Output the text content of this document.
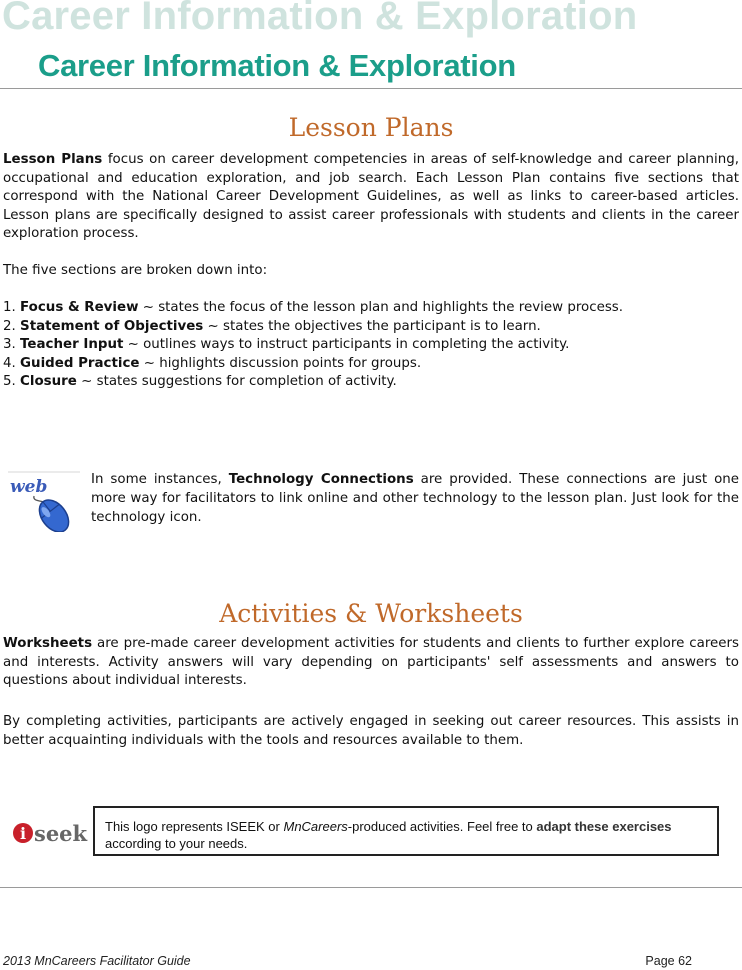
Career Information & Exploration
Career Information & Exploration
Lesson Plans

Lesson Plans focus on career development competencies in areas of self-knowledge and career planning, occupational and education exploration, and job search. Each Lesson Plan contains five sections that correspond with the National Career Development Guidelines, as well as links to career-based articles. Lesson plans are specifically designed to assist career professionals with students and clients in the career exploration process.

The five sections are broken down into:

1. Focus & Review ~ states the focus of the lesson plan and highlights the review process.
2. Statement of Objectives ~ states the objectives the participant is to learn.
3. Teacher Input ~ outlines ways to instruct participants in completing the activity.
4. Guided Practice ~ highlights discussion points for groups.
5. Closure ~ states suggestions for completion of activity.
web	In some instances, Technology Connections are provided. These connections are just one more way for facilitators to link online and other technology to the lesson plan. Just look for the technology icon.

Activities & Worksheets

Worksheets are pre-made career development activities for students and clients to further explore careers and interests. Activity answers will vary depending on participants' self assessments and answers to questions about individual interests.

By completing activities, participants are actively engaged in seeking out career resources. This assists in better acquainting individuals with the tools and resources available to them.

i seek	This logo represents ISEEK or MnCareers-produced activities. Feel free to adapt these exercises according to your needs.

2013 MnCareers Facilitator Guide	Page 62
